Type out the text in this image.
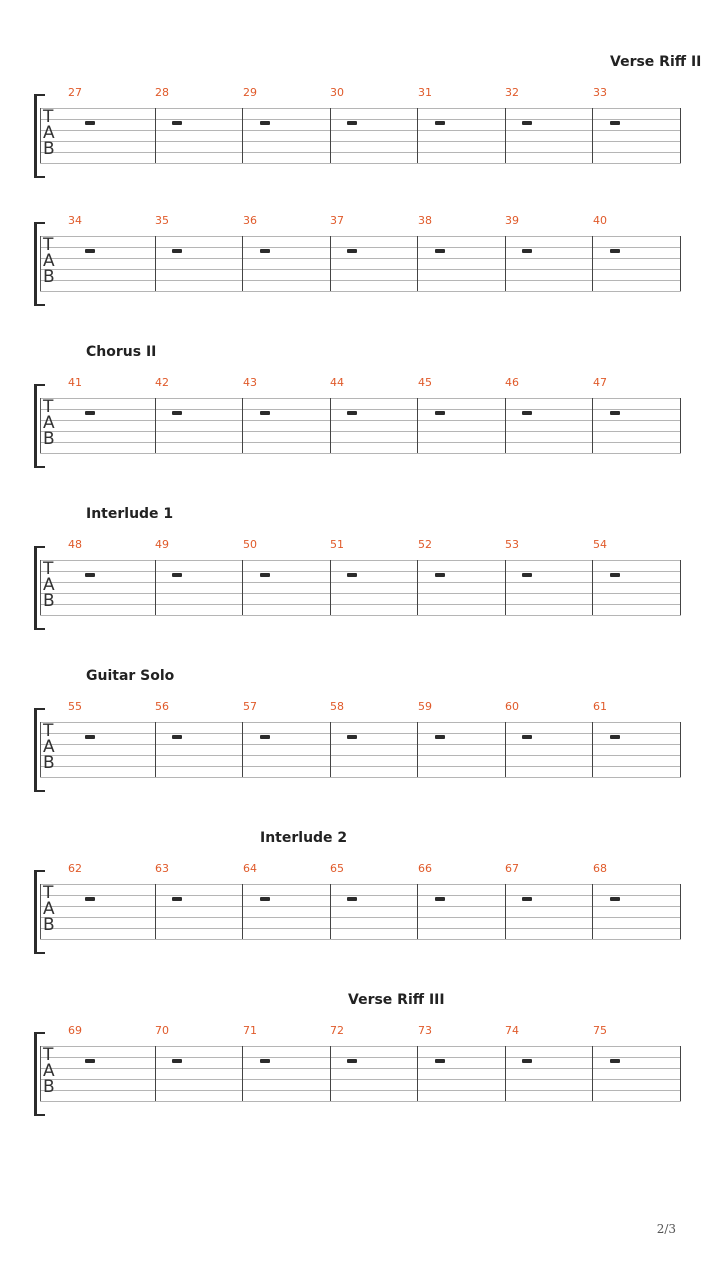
Verse Riff II
T
A
B
27	28	29	30	31	32	33
T
A
B
34	35	36	37	38	39	40
Chorus II
T
A
B
41	42	43	44	45	46	47
Interlude 1
T
A
B
48	49	50	51	52	53	54
Guitar Solo
T
A
B
55	56	57	58	59	60	61
Interlude 2
T
A
B
62	63	64	65	66	67	68
Verse Riff III
T
A
B
69	70	71	72	73	74	75
2/3
